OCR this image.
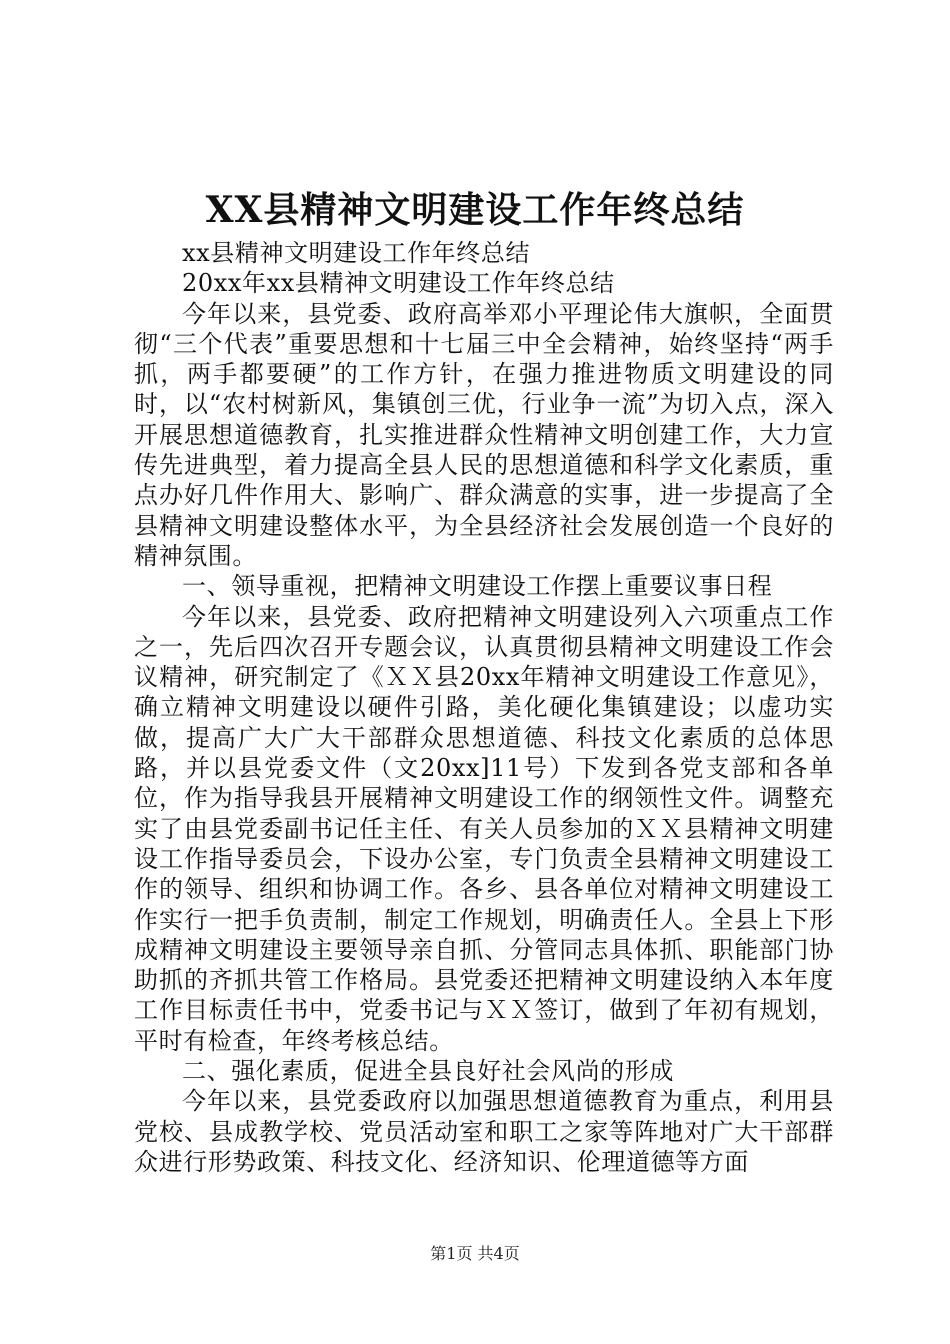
XX县精神文明建设工作年终总结

xx县精神文明建设工作年终总结

20xx年xx县精神文明建设工作年终总结

今年以来，县党委、政府高举邓小平理论伟大旗帜，全面贯彻“三个代表”重要思想和十七届三中全会精神，始终坚持“两手抓，两手都要硬”的工作方针，在强力推进物质文明建设的同时，以“农村树新风，集镇创三优，行业争一流”为切入点，深入开展思想道德教育，扎实推进群众性精神文明创建工作，大力宣传先进典型，着力提高全县人民的思想道德和科学文化素质，重点办好几件作用大、影响广、群众满意的实事，进一步提高了全县精神文明建设整体水平，为全县经济社会发展创造一个良好的精神氛围。

一、领导重视，把精神文明建设工作摆上重要议事日程

今年以来，县党委、政府把精神文明建设列入六项重点工作之一，先后四次召开专题会议，认真贯彻县精神文明建设工作会议精神，研究制定了《ＸＸ县20xx年精神文明建设工作意见》，确立精神文明建设以硬件引路，美化硬化集镇建设；以虚功实做，提高广大广大干部群众思想道德、科技文化素质的总体思路，并以县党委文件（文20xx]11号）下发到各党支部和各单位，作为指导我县开展精神文明建设工作的纲领性文件。调整充实了由县党委副书记任主任、有关人员参加的ＸＸ县精神文明建设工作指导委员会，下设办公室，专门负责全县精神文明建设工作的领导、组织和协调工作。各乡、县各单位对精神文明建设工作实行一把手负责制，制定工作规划，明确责任人。全县上下形成精神文明建设主要领导亲自抓、分管同志具体抓、职能部门协助抓的齐抓共管工作格局。县党委还把精神文明建设纳入本年度工作目标责任书中，党委书记与ＸＸ签订，做到了年初有规划，平时有检查，年终考核总结。

二、强化素质，促进全县良好社会风尚的形成

今年以来，县党委政府以加强思想道德教育为重点，利用县党校、县成教学校、党员活动室和职工之家等阵地对广大干部群众进行形势政策、科技文化、经济知识、伦理道德等方面

第1页 共4页
